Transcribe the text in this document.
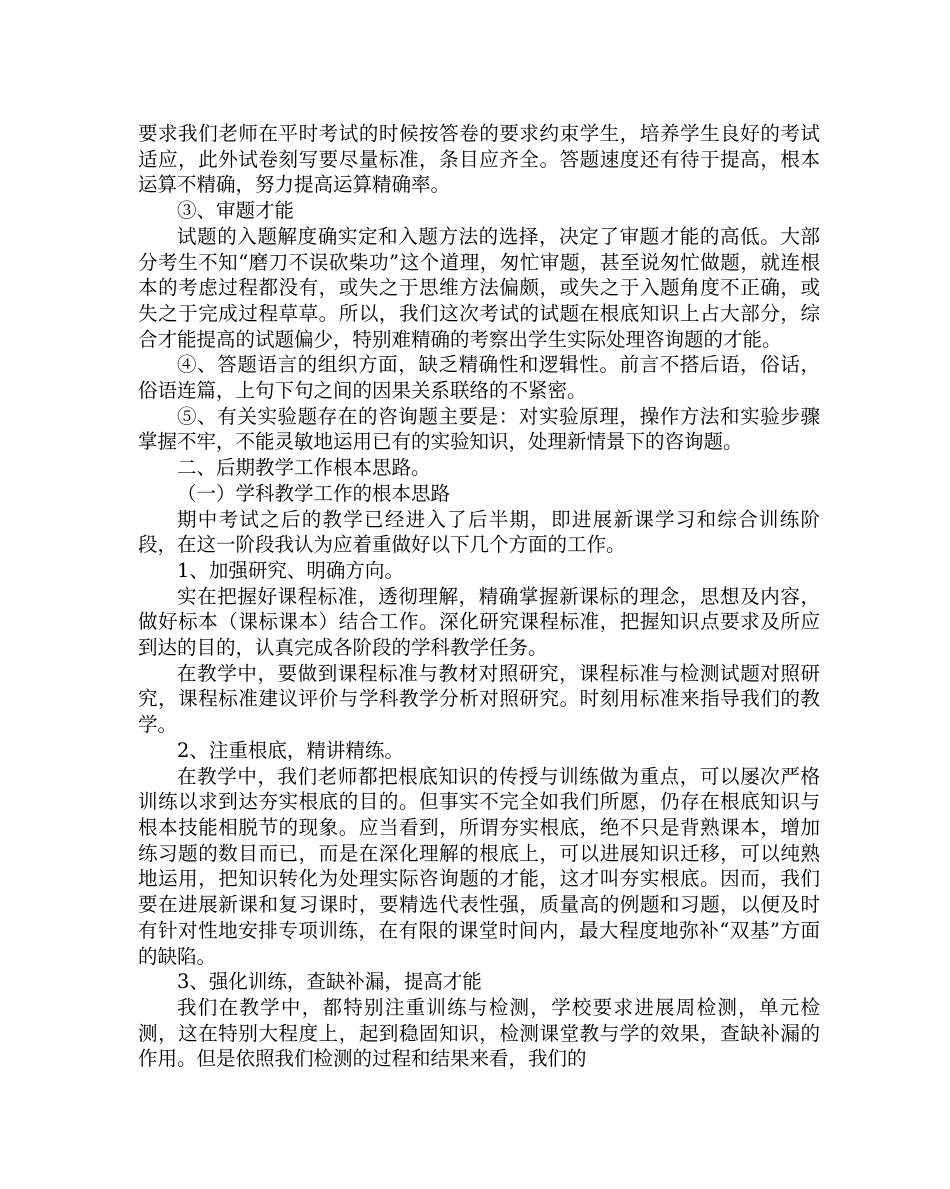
要求我们老师在平时考试的时候按答卷的要求约束学生，培养学生良好的考试适应，此外试卷刻写要尽量标准，条目应齐全。答题速度还有待于提高，根本运算不精确，努力提高运算精确率。

③、审题才能

试题的入题解度确实定和入题方法的选择，决定了审题才能的高低。大部分考生不知“磨刀不误砍柴功”这个道理，匆忙审题，甚至说匆忙做题，就连根本的考虑过程都没有，或失之于思维方法偏颇，或失之于入题角度不正确，或失之于完成过程草草。所以，我们这次考试的试题在根底知识上占大部分，综合才能提高的试题偏少，特别难精确的考察出学生实际处理咨询题的才能。

④、答题语言的组织方面，缺乏精确性和逻辑性。前言不搭后语，俗话，俗语连篇，上句下句之间的因果关系联络的不紧密。

⑤、有关实验题存在的咨询题主要是：对实验原理，操作方法和实验步骤掌握不牢，不能灵敏地运用已有的实验知识，处理新情景下的咨询题。

二、后期教学工作根本思路。

（一）学科教学工作的根本思路

期中考试之后的教学已经进入了后半期，即进展新课学习和综合训练阶段，在这一阶段我认为应着重做好以下几个方面的工作。

1、加强研究、明确方向。

实在把握好课程标准，透彻理解，精确掌握新课标的理念，思想及内容，做好标本（课标课本）结合工作。深化研究课程标准，把握知识点要求及所应到达的目的，认真完成各阶段的学科教学任务。

在教学中，要做到课程标准与教材对照研究，课程标准与检测试题对照研究，课程标准建议评价与学科教学分析对照研究。时刻用标准来指导我们的教学。

2、注重根底，精讲精练。

在教学中，我们老师都把根底知识的传授与训练做为重点，可以屡次严格训练以求到达夯实根底的目的。但事实不完全如我们所愿，仍存在根底知识与根本技能相脱节的现象。应当看到，所谓夯实根底，绝不只是背熟课本，增加练习题的数目而已，而是在深化理解的根底上，可以进展知识迁移，可以纯熟地运用，把知识转化为处理实际咨询题的才能，这才叫夯实根底。因而，我们要在进展新课和复习课时，要精选代表性强，质量高的例题和习题，以便及时有针对性地安排专项训练，在有限的课堂时间内，最大程度地弥补“双基”方面的缺陷。

3、强化训练，查缺补漏，提高才能

我们在教学中，都特别注重训练与检测，学校要求进展周检测，单元检测，这在特别大程度上，起到稳固知识，检测课堂教与学的效果，查缺补漏的作用。但是依照我们检测的过程和结果来看，我们的
